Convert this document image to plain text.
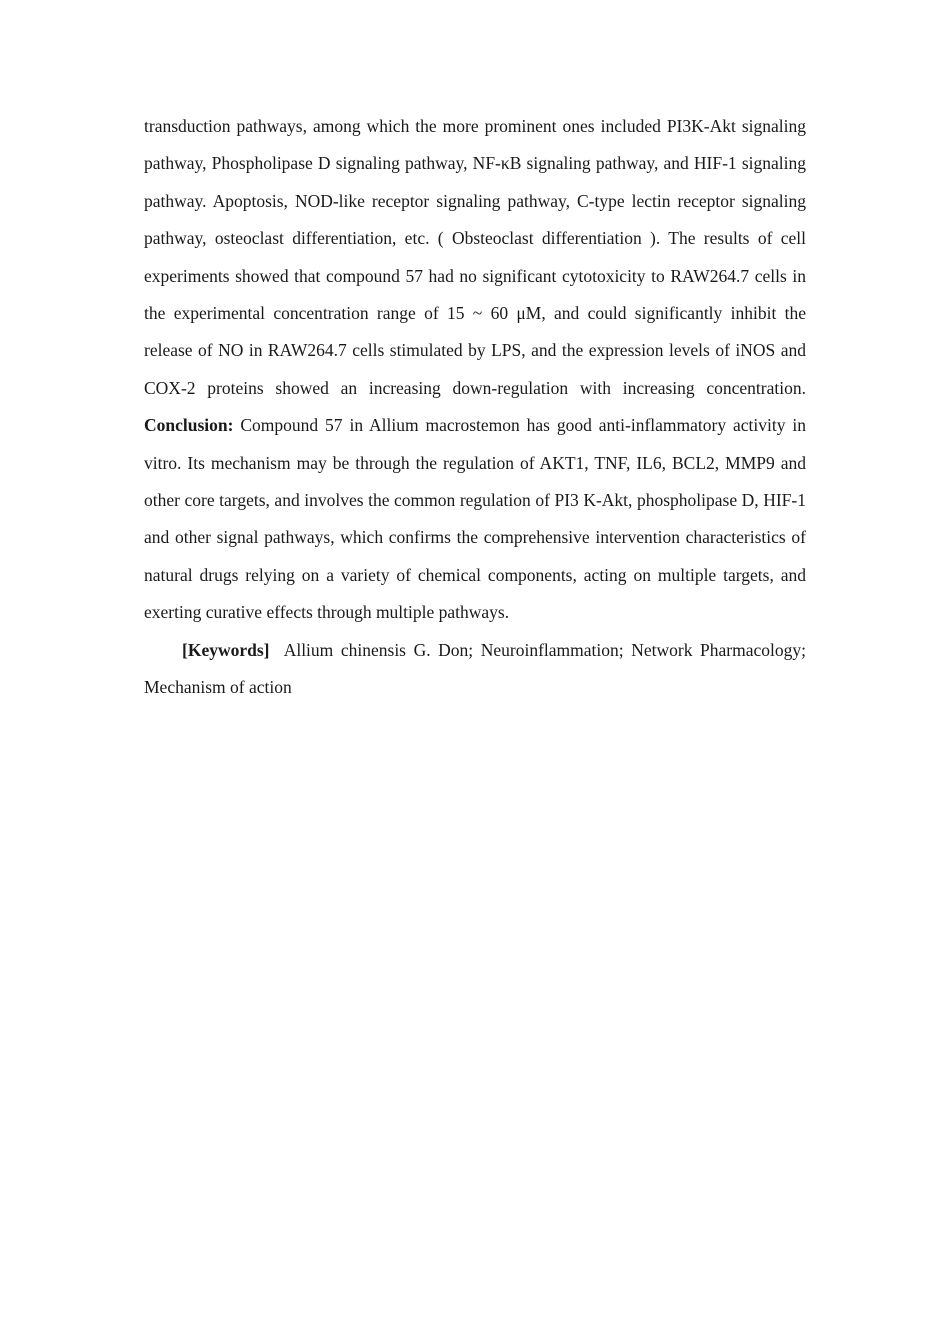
transduction pathways, among which the more prominent ones included PI3K-Akt signaling pathway, Phospholipase D signaling pathway, NF-κB signaling pathway, and HIF-1 signaling pathway. Apoptosis, NOD-like receptor signaling pathway, C-type lectin receptor signaling pathway, osteoclast differentiation, etc. ( Obsteoclast differentiation ). The results of cell experiments showed that compound 57 had no significant cytotoxicity to RAW264.7 cells in the experimental concentration range of 15 ~ 60 μM, and could significantly inhibit the release of NO in RAW264.7 cells stimulated by LPS, and the expression levels of iNOS and COX-2 proteins showed an increasing down-regulation with increasing concentration. Conclusion: Compound 57 in Allium macrostemon has good anti-inflammatory activity in vitro. Its mechanism may be through the regulation of AKT1, TNF, IL6, BCL2, MMP9 and other core targets, and involves the common regulation of PI3 K-Akt, phospholipase D, HIF-1 and other signal pathways, which confirms the comprehensive intervention characteristics of natural drugs relying on a variety of chemical components, acting on multiple targets, and exerting curative effects through multiple pathways.

[Keywords] Allium chinensis G. Don; Neuroinflammation; Network Pharmacology; Mechanism of action
